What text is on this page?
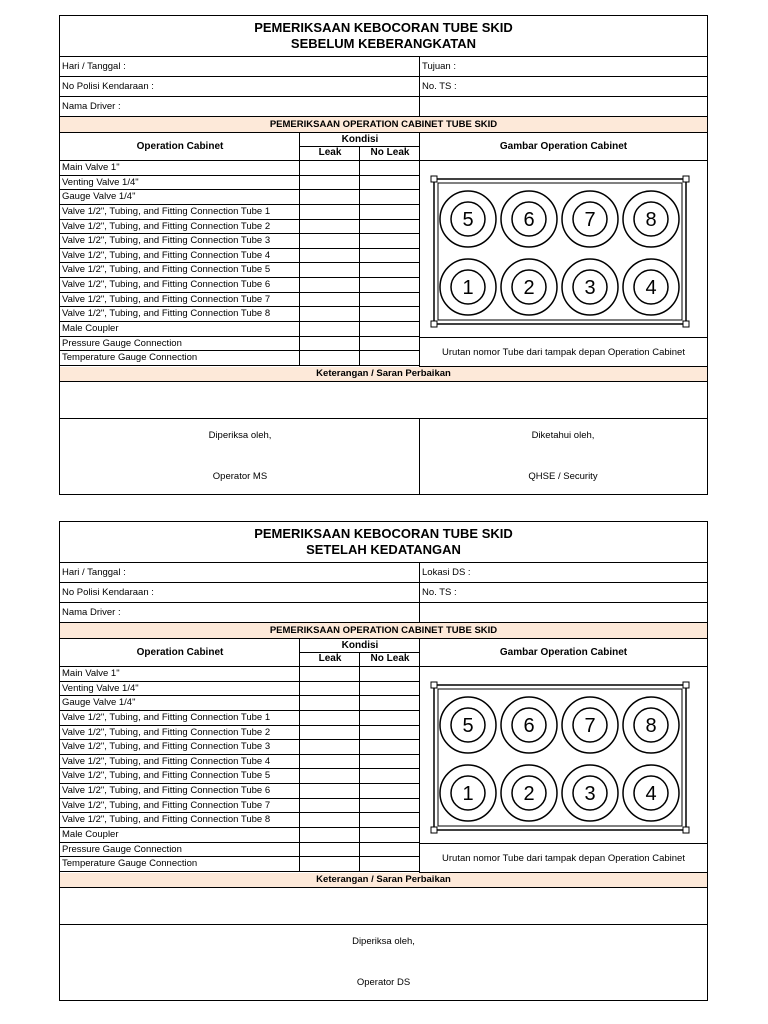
PEMERIKSAAN KEBOCORAN TUBE SKID
SEBELUM KEBERANGKATAN
Hari / Tanggal :	Tujuan :
No Polisi Kendaraan :	No. TS :
Nama Driver :
PEMERIKSAAN OPERATION CABINET TUBE SKID
Operation Cabinet
Kondisi
Leak	No Leak
Gambar Operation Cabinet
Main Valve 1"
Venting Valve 1/4"
Gauge Valve 1/4"
Valve 1/2", Tubing, and Fitting Connection Tube 1
Valve 1/2", Tubing, and Fitting Connection Tube 2
Valve 1/2", Tubing, and Fitting Connection Tube 3
Valve 1/2", Tubing, and Fitting Connection Tube 4
Valve 1/2", Tubing, and Fitting Connection Tube 5
Valve 1/2", Tubing, and Fitting Connection Tube 6
Valve 1/2", Tubing, and Fitting Connection Tube 7
Valve 1/2", Tubing, and Fitting Connection Tube 8
Male Coupler
Pressure Gauge Connection
Temperature Gauge Connection
5 6 7 8
1 2 3 4
Urutan nomor Tube dari tampak depan Operation Cabinet
Keterangan / Saran Perbaikan
Diperiksa oleh,
Operator MS
Diketahui oleh,
QHSE / Security
PEMERIKSAAN KEBOCORAN TUBE SKID
SETELAH KEDATANGAN
Hari / Tanggal :	Lokasi DS :
No Polisi Kendaraan :	No. TS :
Nama Driver :
PEMERIKSAAN OPERATION CABINET TUBE SKID
Operation Cabinet
Kondisi
Leak	No Leak
Gambar Operation Cabinet
Main Valve 1"
Venting Valve 1/4"
Gauge Valve 1/4"
Valve 1/2", Tubing, and Fitting Connection Tube 1
Valve 1/2", Tubing, and Fitting Connection Tube 2
Valve 1/2", Tubing, and Fitting Connection Tube 3
Valve 1/2", Tubing, and Fitting Connection Tube 4
Valve 1/2", Tubing, and Fitting Connection Tube 5
Valve 1/2", Tubing, and Fitting Connection Tube 6
Valve 1/2", Tubing, and Fitting Connection Tube 7
Valve 1/2", Tubing, and Fitting Connection Tube 8
Male Coupler
Pressure Gauge Connection
Temperature Gauge Connection
5 6 7 8
1 2 3 4
Urutan nomor Tube dari tampak depan Operation Cabinet
Keterangan / Saran Perbaikan
Diperiksa oleh,
Operator DS
